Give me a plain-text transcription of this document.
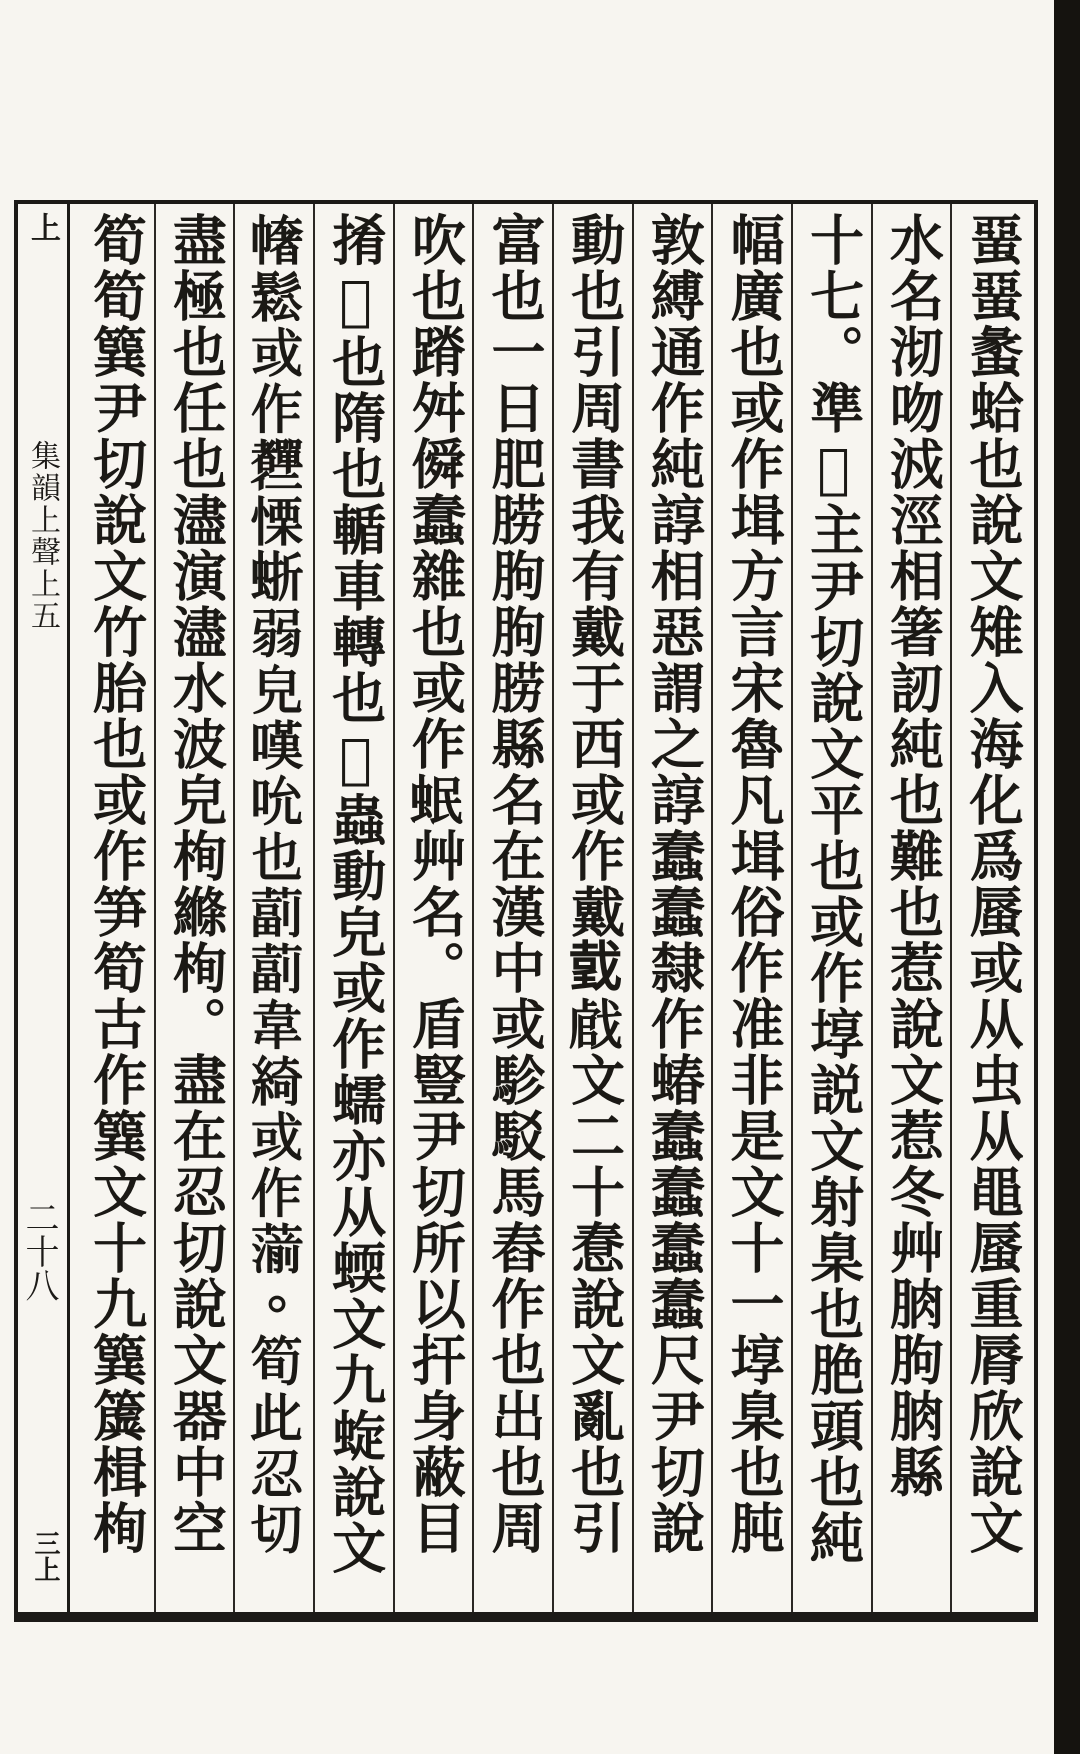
上
集韻上聲上五
二十八
三上
蝁蝁䗍蛤也說文雉入海化爲蜃或从虫从黽蜃重脣欣說文
水名沏吻㳚涇相箸訒純也難也惹說文惹冬艸朒朐朒縣
十七。準𣫏主尹切說文平也或作埻説文射臬也脃頭也純
幅廣也或作𡎎方言宋魯凡𡎎俗作准非是文十一埻臬也肫
敦縛通作純諄相惡謂之諄蠢蠢隸作蝽蠢蠢蠢蠢尺尹切說
動也引周書我有戴于西或作戴𢧜𢧝文二十惷說文亂也引
富也一日肥𦛨朐朐𦛨縣名在漢中或駗駁馬舂作也出也周
吹也蹐舛僢蠢雜也或作𧉬艸名。盾豎尹切所以扞身蔽目
𢯎𢯏也隋也輴車轉也𧉬蟲動皃或作蠕亦从蝡文九蜁說文
𢄳鬆或作𦓍慄𧋍弱皃嘆吮也𦸕𦸕韋綺或作𦺍。筍此忍切
盡極也任也濜演濜水波皃栒縧栒。盡在忍切說文器中空
筍筍簨尹切說文竹胎也或作笋筍古作簨文十九簨簴楫栒
